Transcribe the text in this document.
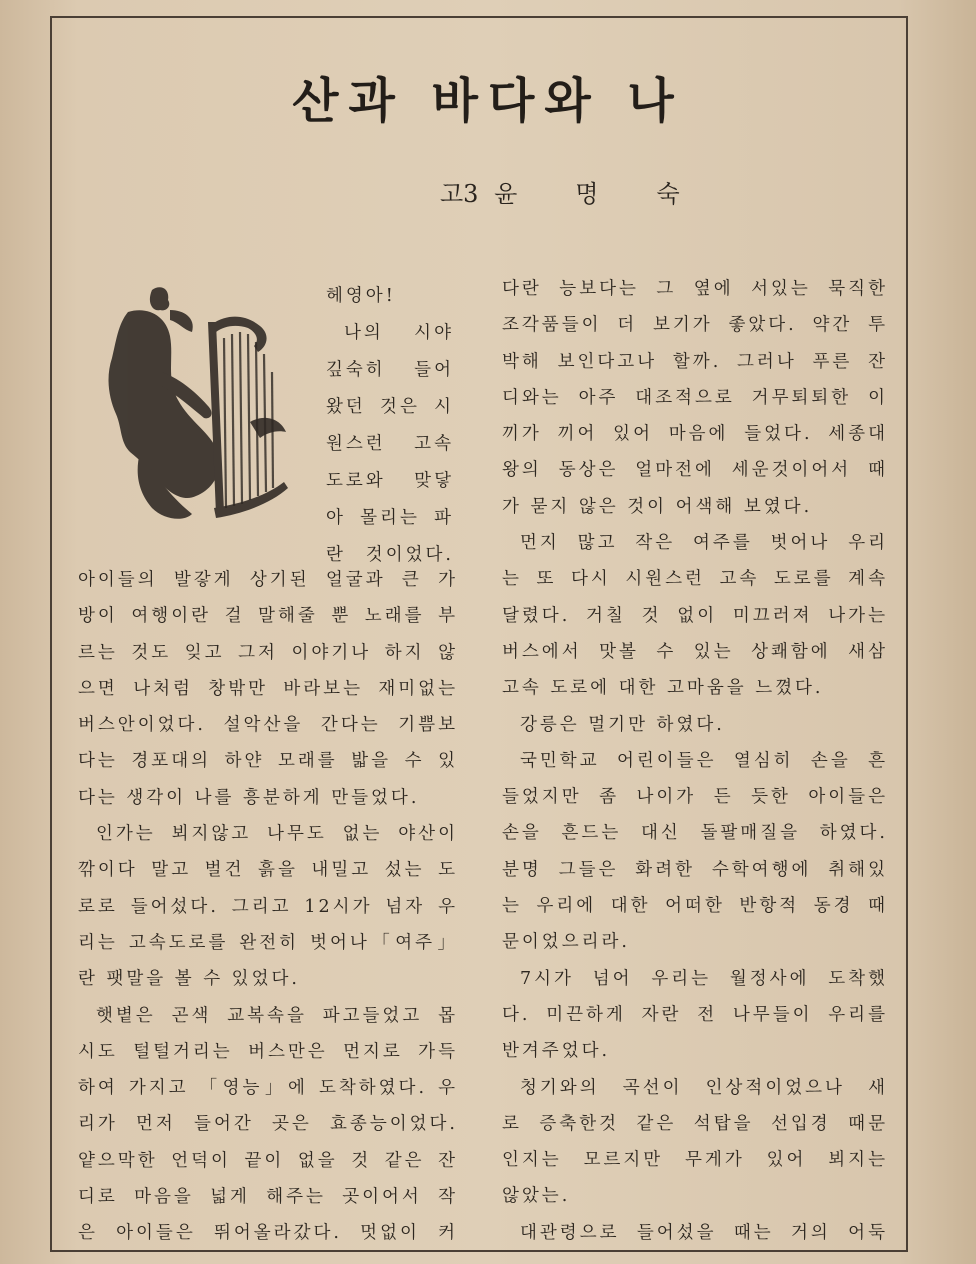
산과 바다와 나
고3 윤명숙

헤영아!

나의 시야

깊숙히 들어

왔던 것은 시

원스런 고속

도로와 맞닿

아 몰리는 파

란 것이었다.

아이들의 발갛게 상기된 얼굴과 큰 가

방이 여행이란 걸 말해줄 뿐 노래를 부

르는 것도 잊고 그저 이야기나 하지 않

으면 나처럼 창밖만 바라보는 재미없는

버스안이었다. 설악산을 간다는 기쁨보

다는 경포대의 하얀 모래를 밟을 수 있

다는 생각이 나를 흥분하게 만들었다.

인가는 뵈지않고 나무도 없는 야산이

깎이다 말고 벌건 흙을 내밀고 섰는 도

로로 들어섰다. 그리고 12시가 넘자 우

리는 고속도로를 완전히 벗어나「여주」

란 팻말을 볼 수 있었다.

햇볕은 곤색 교복속을 파고들었고 몹

시도 털털거리는 버스만은 먼지로 가득

하여 가지고 「영능」에 도착하였다. 우

리가 먼저 들어간 곳은 효종능이었다.

얕으막한 언덕이 끝이 없을 것 같은 잔

디로 마음을 넓게 해주는 곳이어서 작

은 아이들은 뛰어올라갔다. 멋없이 커

다란 능보다는 그 옆에 서있는 묵직한

조각품들이 더 보기가 좋았다. 약간 투

박해 보인다고나 할까. 그러나 푸른 잔

디와는 아주 대조적으로 거무퇴퇴한 이

끼가 끼어 있어 마음에 들었다. 세종대

왕의 동상은 얼마전에 세운것이어서 때

가 묻지 않은 것이 어색해 보였다.

먼지 많고 작은 여주를 벗어나 우리

는 또 다시 시원스런 고속 도로를 계속

달렸다. 거칠 것 없이 미끄러져 나가는

버스에서 맛볼 수 있는 상쾌함에 새삼

고속 도로에 대한 고마움을 느꼈다.

강릉은 멀기만 하였다.

국민학교 어린이들은 열심히 손을 흔

들었지만 좀 나이가 든 듯한 아이들은

손을 흔드는 대신 돌팔매질을 하였다.

분명 그들은 화려한 수학여행에 취해있

는 우리에 대한 어떠한 반항적 동경 때

문이었으리라.

7시가 넘어 우리는 월정사에 도착했

다. 미끈하게 자란 전 나무들이 우리를

반겨주었다.

청기와의 곡선이 인상적이었으나 새

로 증축한것 같은 석탑을 선입경 때문

인지는 모르지만 무게가 있어 뵈지는

않았는.

대관령으로 들어섰을 때는 거의 어둑
